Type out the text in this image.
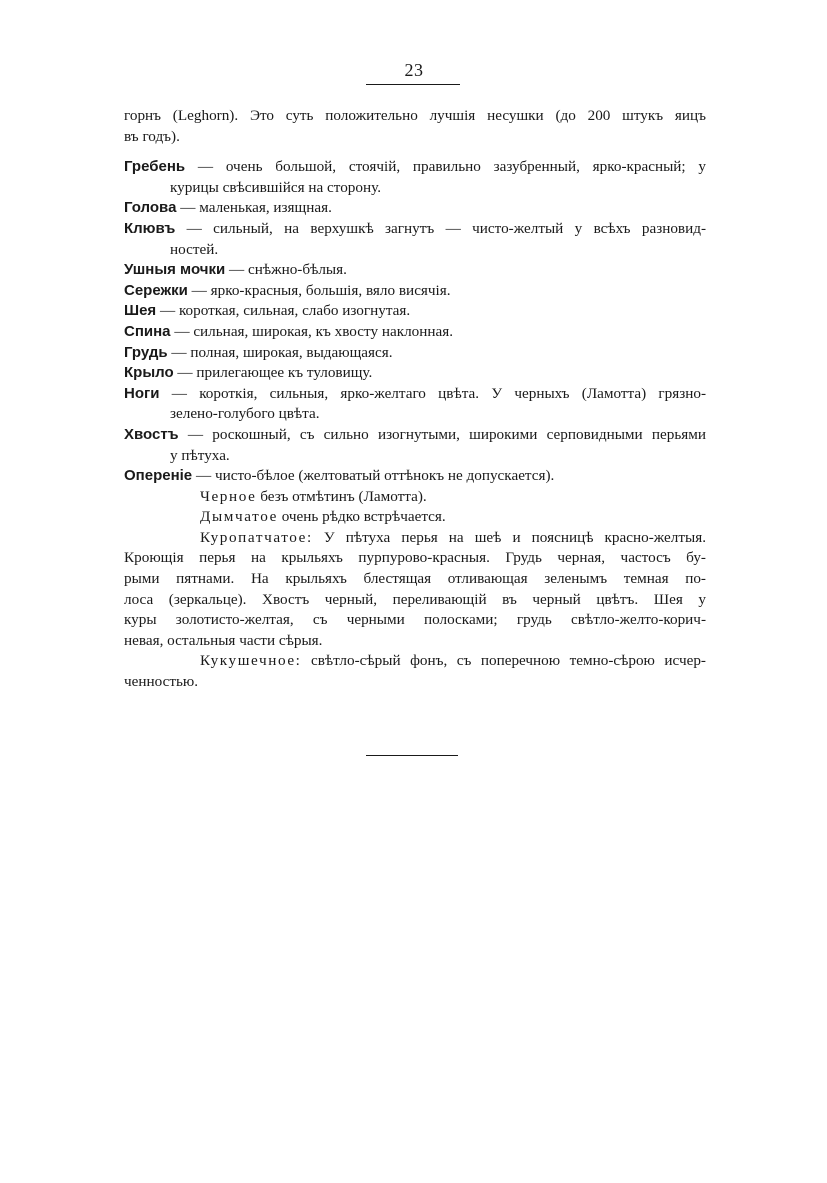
23
горнъ (Leghorn). Это суть положительно лучшія несушки (до 200 штукъ яицъ
въ годъ).
Гребень — очень большой, стоячій, правильно зазубренный, ярко-красный; у
курицы свѣсившійся на сторону.
Голова — маленькая, изящная.
Клювъ — сильный, на верхушкѣ загнутъ — чисто-желтый у всѣхъ разновид-
ностей.
Ушныя мочки — снѣжно-бѣлыя.
Сережки — ярко-красныя, большія, вяло висячія.
Шея — короткая, сильная, слабо изогнутая.
Спина — сильная, широкая, къ хвосту наклонная.
Грудь — полная, широкая, выдающаяся.
Крыло — прилегающее къ туловищу.
Ноги — короткія, сильныя, ярко-желтаго цвѣта. У черныхъ (Ламотта) грязно-
зелено-голубого цвѣта.
Хвостъ — роскошный, съ сильно изогнутыми, широкими серповидными перьями
у пѣтуха.
Опереніе — чисто-бѣлое (желтоватый оттѣнокъ не допускается).
Черное безъ отмѣтинъ (Ламотта).
Дымчатое очень рѣдко встрѣчается.
Куропатчатое: У пѣтуха перья на шеѣ и поясницѣ красно-желтыя.
Кроющія перья на крыльяхъ пурпурово-красныя. Грудь черная, частосъ бу-
рыми пятнами. На крыльяхъ блестящая отливающая зеленымъ темная по-
лоса (зеркальце). Хвостъ черный, переливающій въ черный цвѣтъ. Шея у
куры золотисто-желтая, съ черными полосками; грудь свѣтло-желто-корич-
невая, остальныя части сѣрыя.
Кукушечное: свѣтло-сѣрый фонъ, съ поперечною темно-сѣрою исчер-
ченностью.
